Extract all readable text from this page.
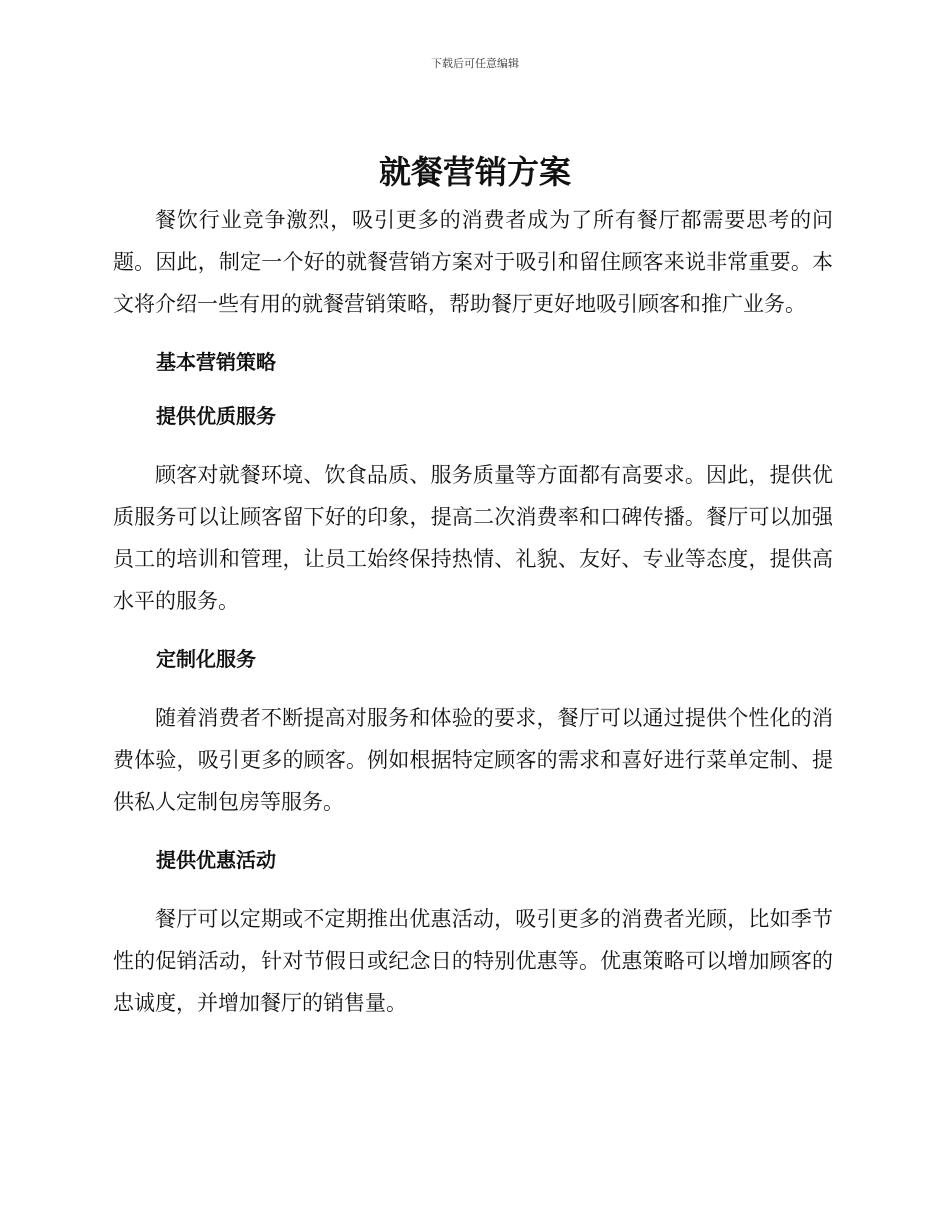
下载后可任意编辑
就餐营销方案

餐饮行业竞争激烈，吸引更多的消费者成为了所有餐厅都需要思考的问题。因此，制定一个好的就餐营销方案对于吸引和留住顾客来说非常重要。本文将介绍一些有用的就餐营销策略，帮助餐厅更好地吸引顾客和推广业务。

基本营销策略
提供优质服务

顾客对就餐环境、饮食品质、服务质量等方面都有高要求。因此，提供优质服务可以让顾客留下好的印象，提高二次消费率和口碑传播。餐厅可以加强员工的培训和管理，让员工始终保持热情、礼貌、友好、专业等态度，提供高水平的服务。

定制化服务

随着消费者不断提高对服务和体验的要求，餐厅可以通过提供个性化的消费体验，吸引更多的顾客。例如根据特定顾客的需求和喜好进行菜单定制、提供私人定制包房等服务。

提供优惠活动

餐厅可以定期或不定期推出优惠活动，吸引更多的消费者光顾，比如季节性的促销活动，针对节假日或纪念日的特别优惠等。优惠策略可以增加顾客的忠诚度，并增加餐厅的销售量。
